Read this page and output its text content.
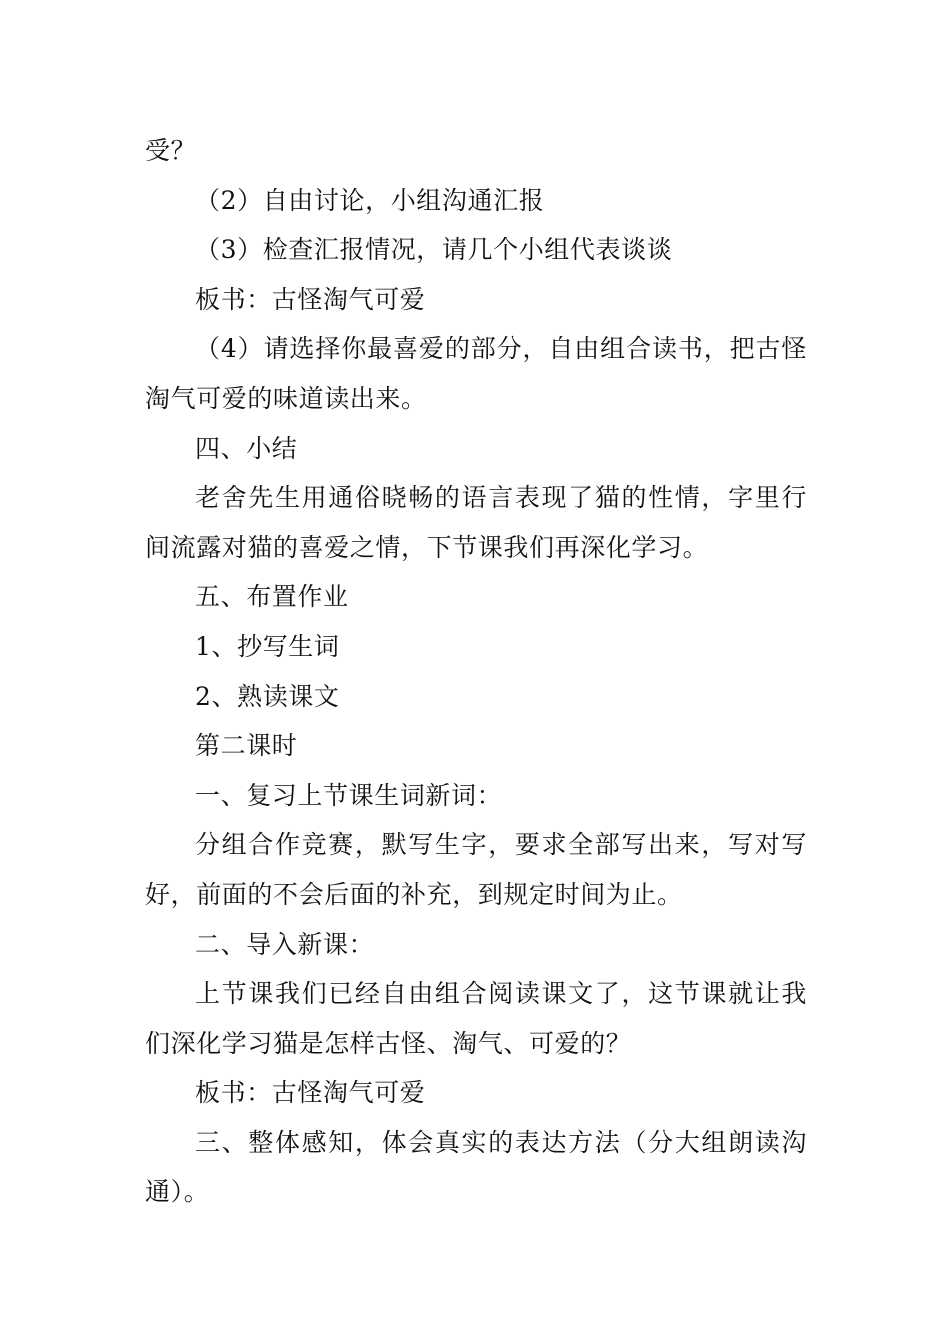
受？

（2）自由讨论，小组沟通汇报

（3）检查汇报情况，请几个小组代表谈谈

板书：古怪淘气可爱

（4）请选择你最喜爱的部分，自由组合读书，把古怪淘气可爱的味道读出来。

四、小结

老舍先生用通俗晓畅的语言表现了猫的性情，字里行间流露对猫的喜爱之情，下节课我们再深化学习。

五、布置作业

1、抄写生词

2、熟读课文

第二课时

一、复习上节课生词新词：

分组合作竞赛，默写生字，要求全部写出来，写对写好，前面的不会后面的补充，到规定时间为止。

二、导入新课：

上节课我们已经自由组合阅读课文了，这节课就让我们深化学习猫是怎样古怪、淘气、可爱的？

板书：古怪淘气可爱

三、整体感知，体会真实的表达方法（分大组朗读沟通）。
